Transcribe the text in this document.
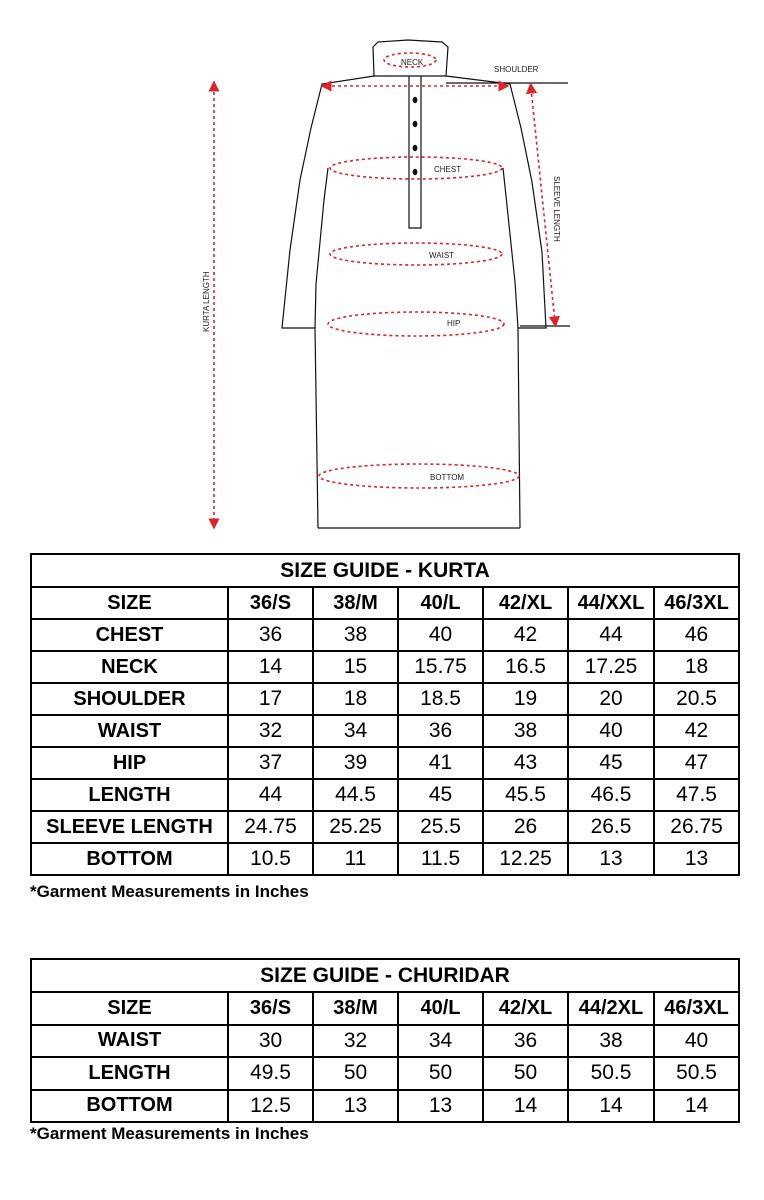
NECK
SHOULDER
CHEST
SLEEVE LENGTH
WAIST
KURTA LENGTH	HIP
BOTTOM
SIZE GUIDE - KURTA						
SIZE	36/S	38/M	40/L	42/XL	44/XXL	46/3XL
CHEST	36	38	40	42	44	46
NECK	14	15	15.75	16.5	17.25	18
SHOULDER	17	18	18.5	19	20	20.5
WAIST	32	34	36	38	40	42
HIP	37	39	41	43	45	47
LENGTH	44	44.5	45	45.5	46.5	47.5
SLEEVE LENGTH	24.75	25.25	25.5	26	26.5	26.75
BOTTOM	10.5	11	11.5	12.25	13	13
*Garment Measurements in Inches
SIZE GUIDE - CHURIDAR						
SIZE	36/S	38/M	40/L	42/XL	44/2XL	46/3XL
WAIST	30	32	34	36	38	40
LENGTH	49.5	50	50	50	50.5	50.5
BOTTOM	12.5	13	13	14	14	14
*Garment Measurements in Inches
